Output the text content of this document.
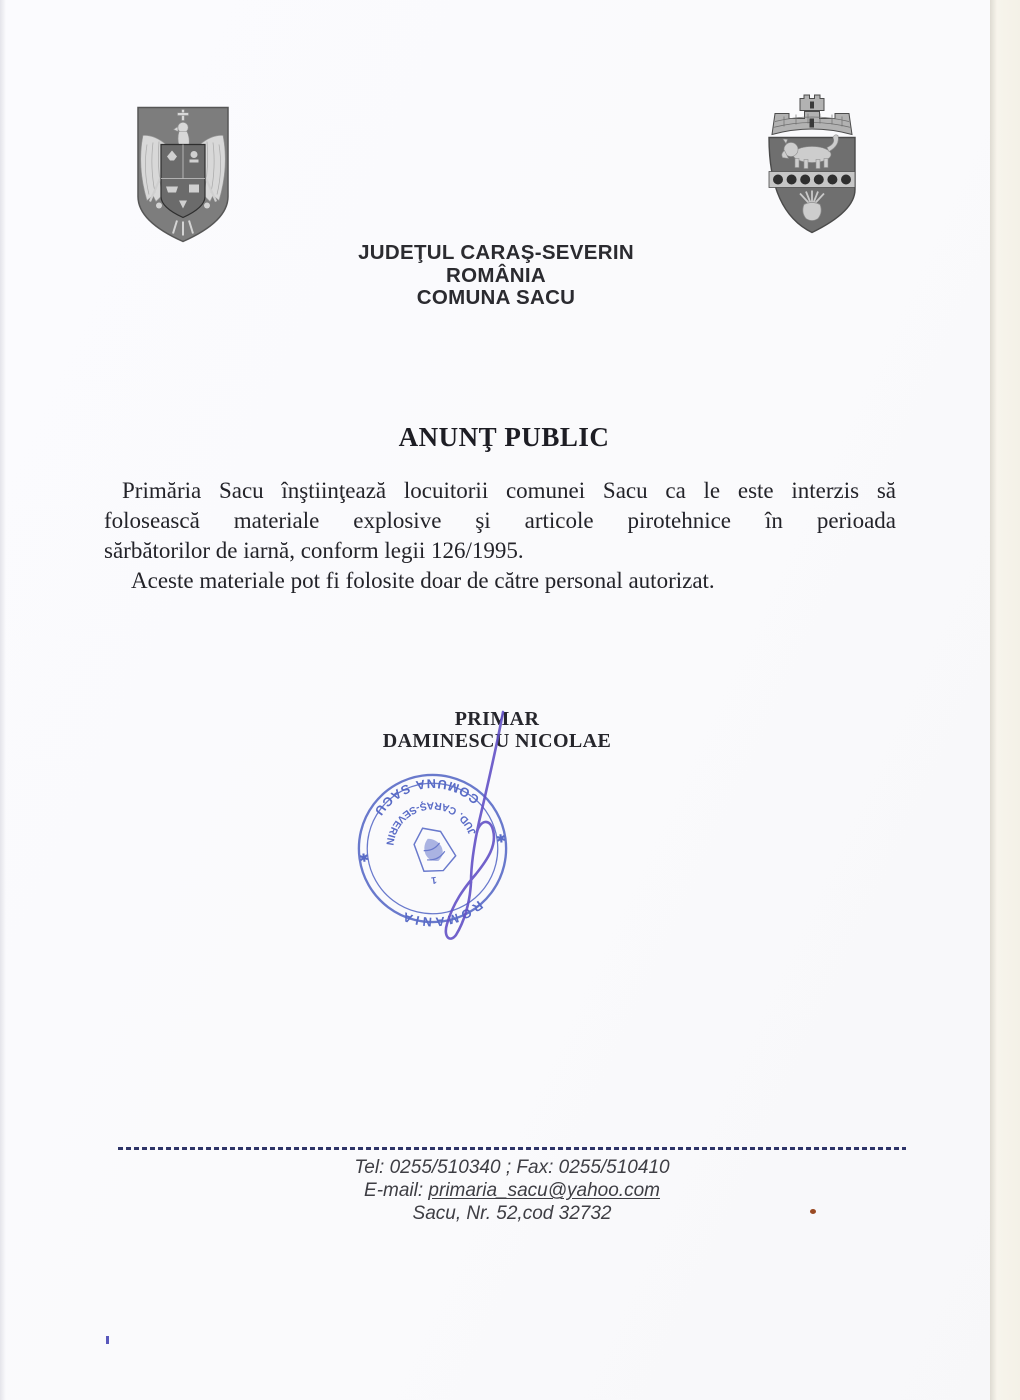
JUDEŢUL CARAŞ-SEVERIN
ROMÂNIA
COMUNA SACU
ANUNŢ PUBLIC
Primăria Sacu înştiinţează locuitorii comunei Sacu ca le este interzis să
folosească materiale explosive şi articole pirotehnice în perioada
sărbătorilor de iarnă, conform legii 126/1995.
Aceste materiale pot fi folosite doar de către personal autorizat.
PRIMAR
DAMINESCU NICOLAE
ROMANIA
COMUNA SACU
JUD. CARAŞ-SEVERIN	✱
✱
1
Tel: 0255/510340 ; Fax: 0255/510410
E-mail: primaria_sacu@yahoo.com
Sacu, Nr. 52,cod 32732
